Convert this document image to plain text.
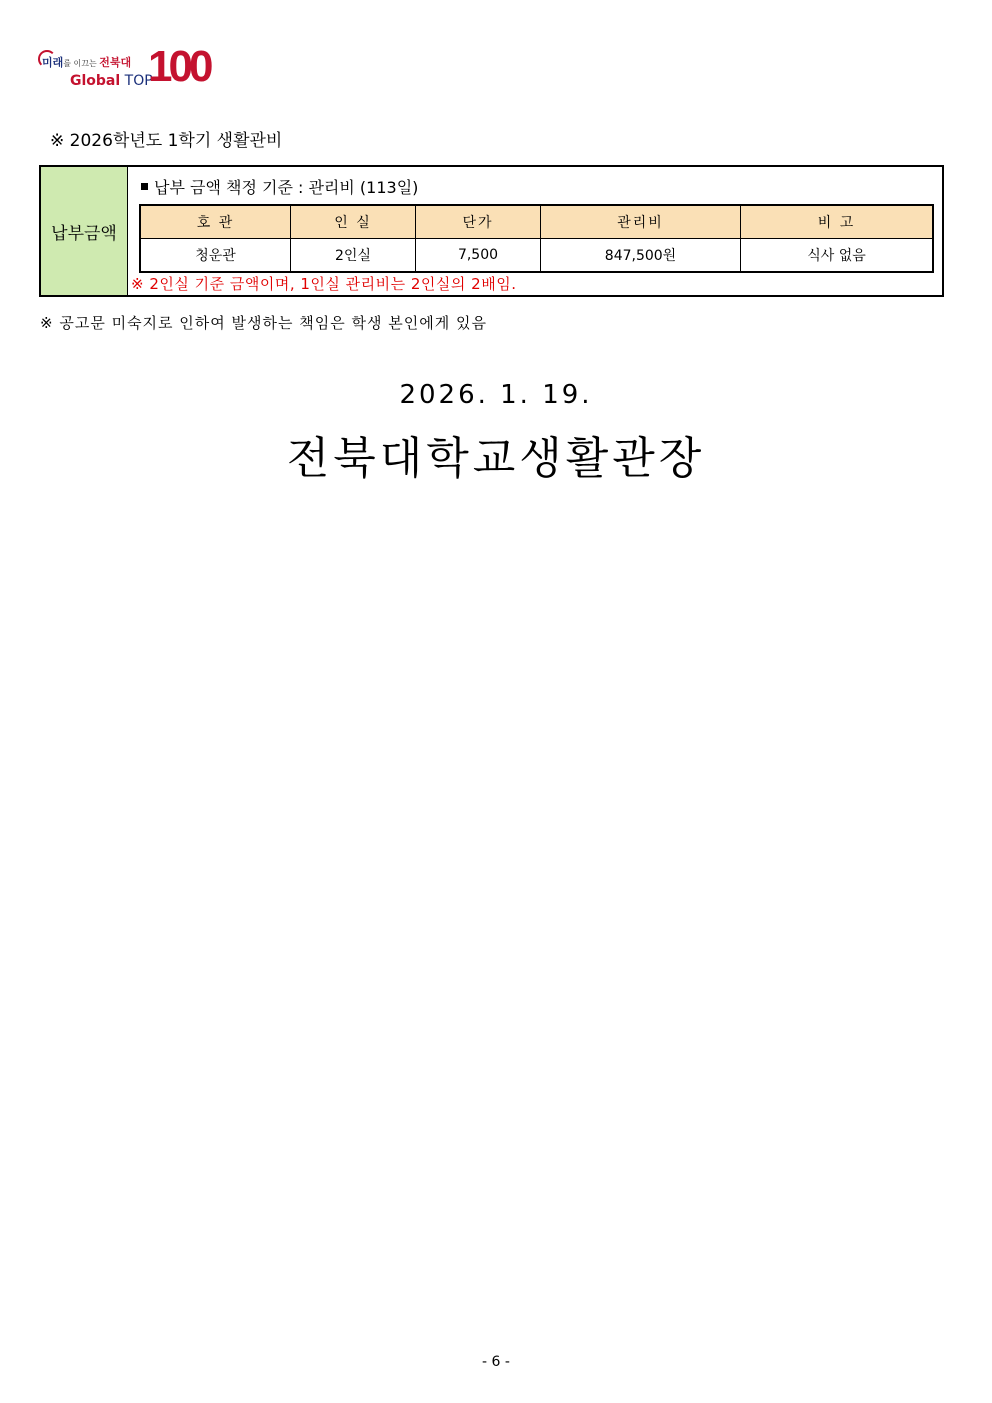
미래를 이끄는 전북대
Global TOP
100
※ 2026학년도 1학기 생활관비
납부금액
납부 금액 책정 기준 : 관리비 (113일)
호 관	인 실	단가	관리비	비 고
청운관	2인실	7,500	847,500원	식사 없음
※ 2인실 기준 금액이며, 1인실 관리비는 2인실의 2배임.
※ 공고문 미숙지로 인하여 발생하는 책임은 학생 본인에게 있음
2026. 1. 19.
전북대학교생활관장
- 6 -
